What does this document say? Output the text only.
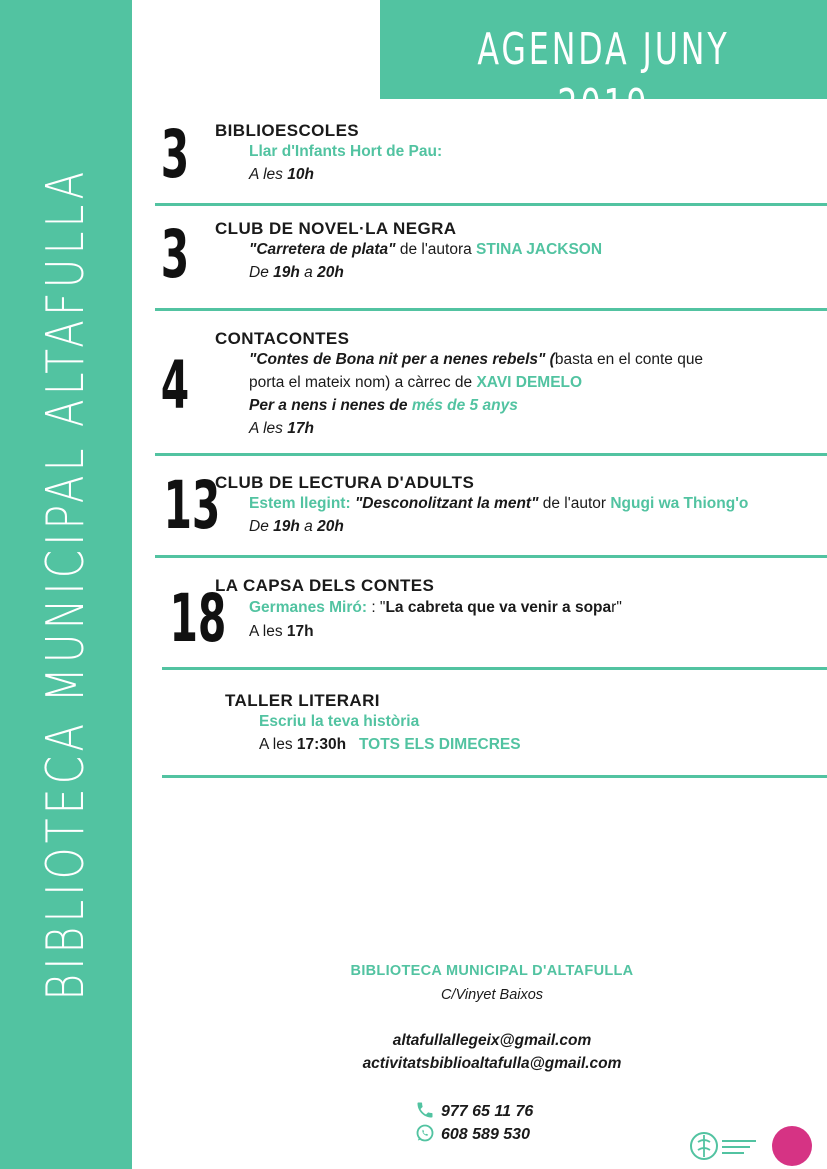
BIBLIOTECA MUNICIPAL ALTAFULLA
AGENDA JUNY 2019
3	BIBLIOESCOLES
Llar d'Infants Hort de Pau:
A les 10h
3	CLUB DE NOVEL·LA NEGRA
"Carretera de plata" de l'autora STINA JACKSON
De 19h a 20h
4
CONTACONTES
"Contes de Bona nit per a nenes rebels" (basta en el conte que
porta el mateix nom) a càrrec de XAVI DEMELO
Per a nens i nenes de més de 5 anys
A les 17h
13
CLUB DE LECTURA D'ADULTS
Estem llegint: "Desconolitzant la ment" de l'autor Ngugi wa Thiong'o
De 19h a 20h
18
LA CAPSA DELS CONTES
Germanes Miró: : "La cabreta que va venir a sopar"
A les 17h
TALLER LITERARI
Escriu la teva història
A les 17:30h TOTS ELS DIMECRES
BIBLIOTECA MUNICIPAL D'ALTAFULLA
C/Vinyet Baixos
altafullallegeix@gmail.com
activitatsbiblioaltafulla@gmail.com
977 65 11 76
608 589 530
